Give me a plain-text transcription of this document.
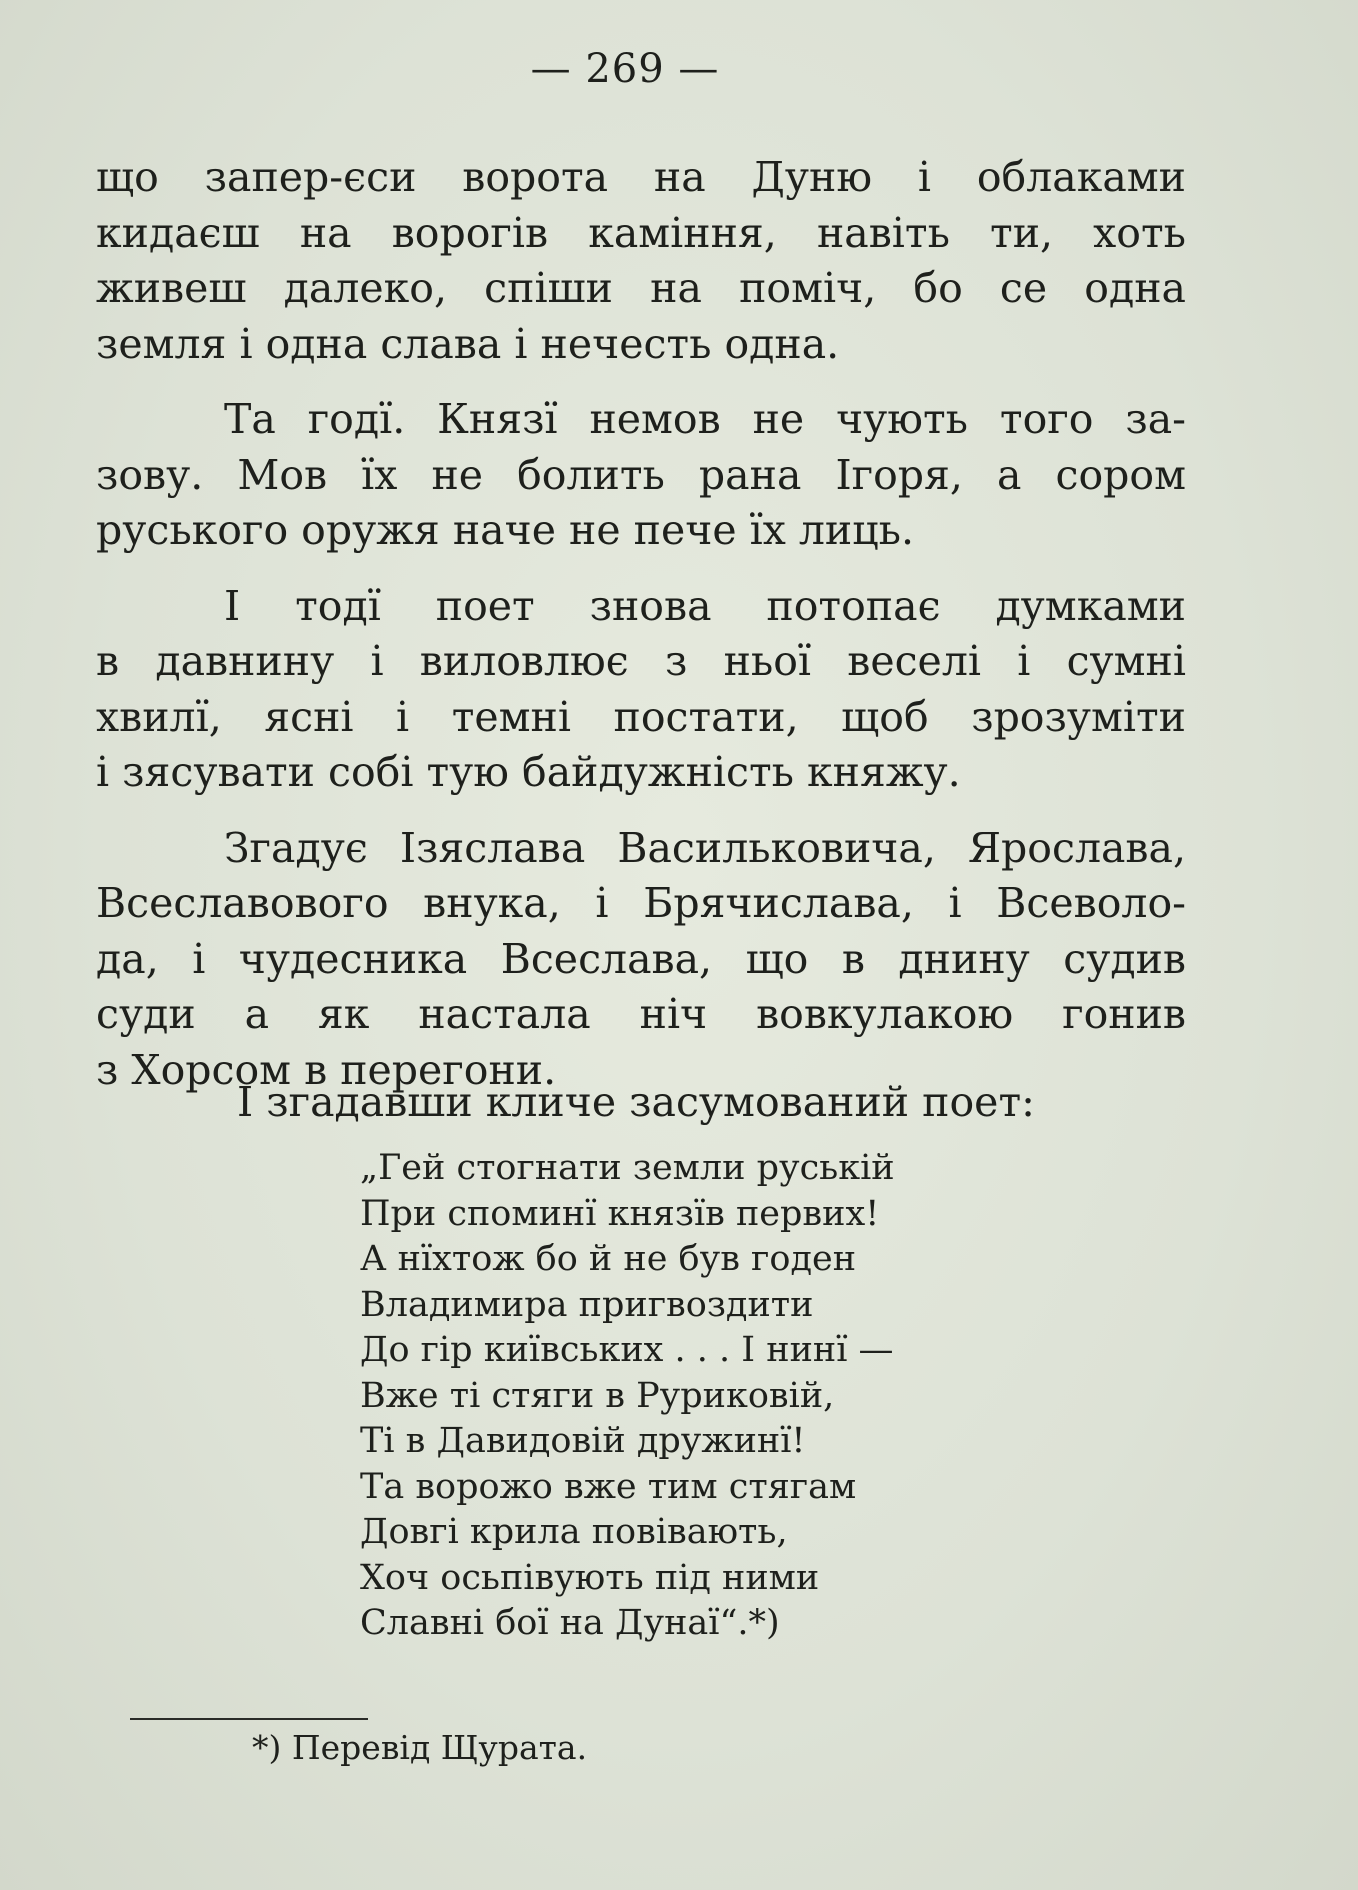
— 269 —

що запер-єси ворота на Дуню і облаками
кидаєш на ворогів каміння, навіть ти, хоть
живеш далеко, спіши на поміч, бо се одна
земля і одна слава і нечесть одна.

Та годї. Князї немов не чують того за-
зову. Мов їх не болить рана Ігоря, а сором
руського оружя наче не пече їх лиць.

І тодї поет знова потопає думками
в давнину і виловлює з ньої веселі і сумні
хвилї, ясні і темні постати, щоб зрозуміти
і зясувати собі тую байдужність княжу.

Згадує Ізяслава Васильковича, Ярослава,
Всеславового внука, і Брячислава, і Всеволо-
да, і чудесника Всеслава, що в днину судив
суди а як настала ніч вовкулакою гонив
з Хорсом в перегони.

І згадавши кличе засумований поет:
„Гей стогнати земли руській
При споминї князїв первих!
А нїхтож бо й не був годен
Владимира пригвоздити
До гір київських . . . І нинї —
Вже ті стяги в Руриковій,
Ті в Давидовій дружинї!
Та ворожо вже тим стягам
Довгі крила повівають,
Хоч осьпівують під ними
Славні бої на Дунаї“.*)
*) Перевід Щурата.
